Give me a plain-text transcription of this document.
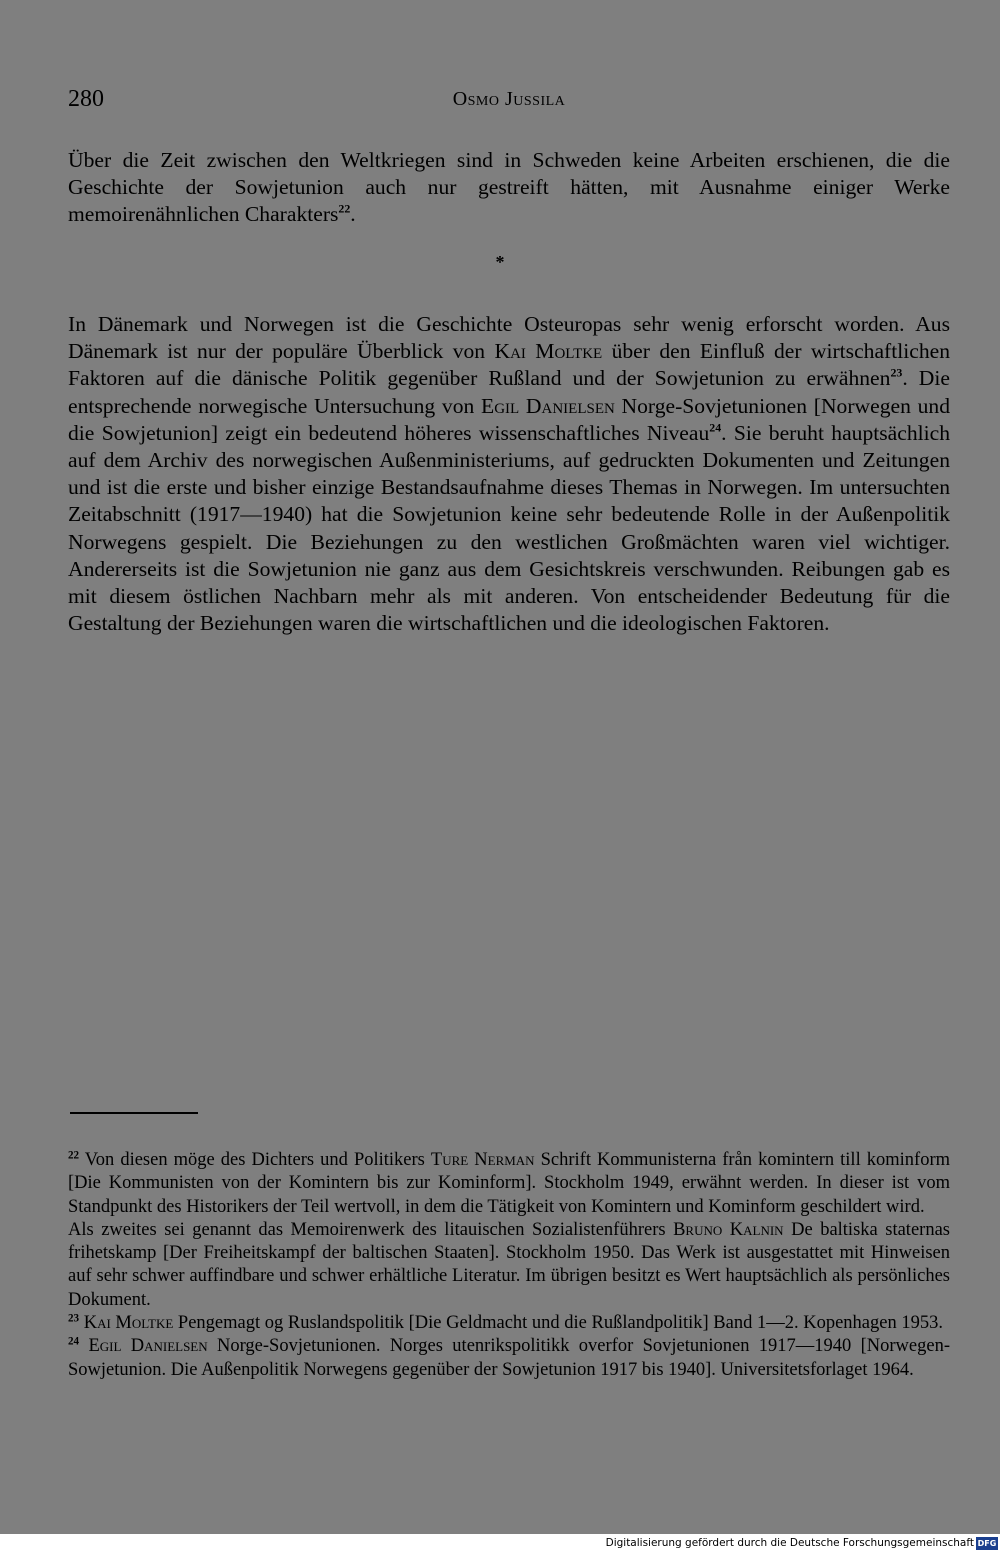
280	Osmo Jussila

Über die Zeit zwischen den Weltkriegen sind in Schweden keine Arbeiten erschienen, die die Geschichte der Sowjetunion auch nur gestreift hätten, mit Ausnahme einiger Werke memoirenähnlichen Charakters$^{22}$.

*

In Dänemark und Norwegen ist die Geschichte Osteuropas sehr wenig erforscht worden. Aus Dänemark ist nur der populäre Überblick von Kai Moltke über den Einfluß der wirtschaftlichen Faktoren auf die dänische Politik gegenüber Rußland und der Sowjetunion zu erwähnen$^{23}$. Die entsprechende norwegische Untersuchung von Egil Danielsen Norge-Sovjetunionen [Norwegen und die Sowjetunion] zeigt ein bedeutend höheres wissenschaftliches Niveau$^{24}$. Sie beruht hauptsächlich auf dem Archiv des norwegischen Außenministeriums, auf gedruckten Dokumenten und Zeitungen und ist die erste und bisher einzige Bestandsaufnahme dieses Themas in Norwegen. Im untersuchten Zeitabschnitt (1917—1940) hat die Sowjetunion keine sehr bedeutende Rolle in der Außenpolitik Norwegens gespielt. Die Beziehungen zu den westlichen Großmächten waren viel wichtiger. Andererseits ist die Sowjetunion nie ganz aus dem Gesichtskreis verschwunden. Reibungen gab es mit diesem östlichen Nachbarn mehr als mit anderen. Von entscheidender Bedeutung für die Gestaltung der Beziehungen waren die wirtschaftlichen und die ideologischen Faktoren.

$^{22}$ Von diesen möge des Dichters und Politikers Ture Nerman Schrift Kommunisterna från komintern till kominform [Die Kommunisten von der Komintern bis zur Kominform]. Stockholm 1949, erwähnt werden. In dieser ist vom Standpunkt des Historikers der Teil wertvoll, in dem die Tätigkeit von Komintern und Kominform geschildert wird.

Als zweites sei genannt das Memoirenwerk des litauischen Sozialistenführers Bruno Kalnin De baltiska staternas frihetskamp [Der Freiheitskampf der baltischen Staaten]. Stockholm 1950. Das Werk ist ausgestattet mit Hinweisen auf sehr schwer auffindbare und schwer erhältliche Literatur. Im übrigen besitzt es Wert hauptsächlich als persönliches Dokument.

$^{23}$ Kai Moltke Pengemagt og Ruslandspolitik [Die Geldmacht und die Rußlandpolitik] Band 1—2. Kopenhagen 1953.

$^{24}$ Egil Danielsen Norge-Sovjetunionen. Norges utenrikspolitikk overfor Sovjetunionen 1917—1940 [Norwegen-Sowjetunion. Die Außenpolitik Norwegens gegenüber der Sowjetunion 1917 bis 1940]. Universitetsforlaget 1964.

Digitalisierung gefördert durch die Deutsche Forschungsgemeinschaft DFG
